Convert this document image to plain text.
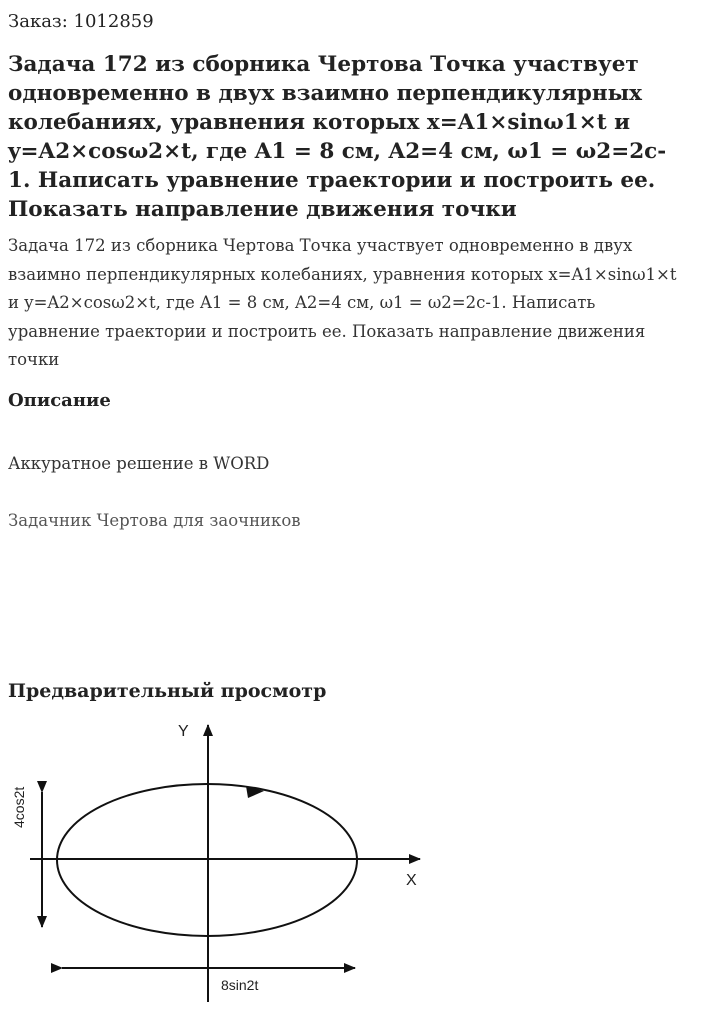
Заказ: 1012859
Задача 172 из сборника Чертова Точка участвует одновременно в двух взаимно перпендикулярных колебаниях, уравнения которых x=A1×sinω1×t и y=A2×cosω2×t, где A1 = 8 см, A2=4 см, ω1 = ω2=2c-1. Написать уравнение траектории и построить ее. Показать направление движения точки

Задача 172 из сборника Чертова Точка участвует одновременно в двух взаимно перпендикулярных колебаниях, уравнения которых x=A1×sinω1×t и y=A2×cosω2×t, где A1 = 8 см, A2=4 см, ω1 = ω2=2c-1. Написать уравнение траектории и построить ее. Показать направление движения точки

Описание
Аккуратное решение в WORD
Задачник Чертова для заочников
Предварительный просмотр
Y
X
4cos2t
8sin2t
